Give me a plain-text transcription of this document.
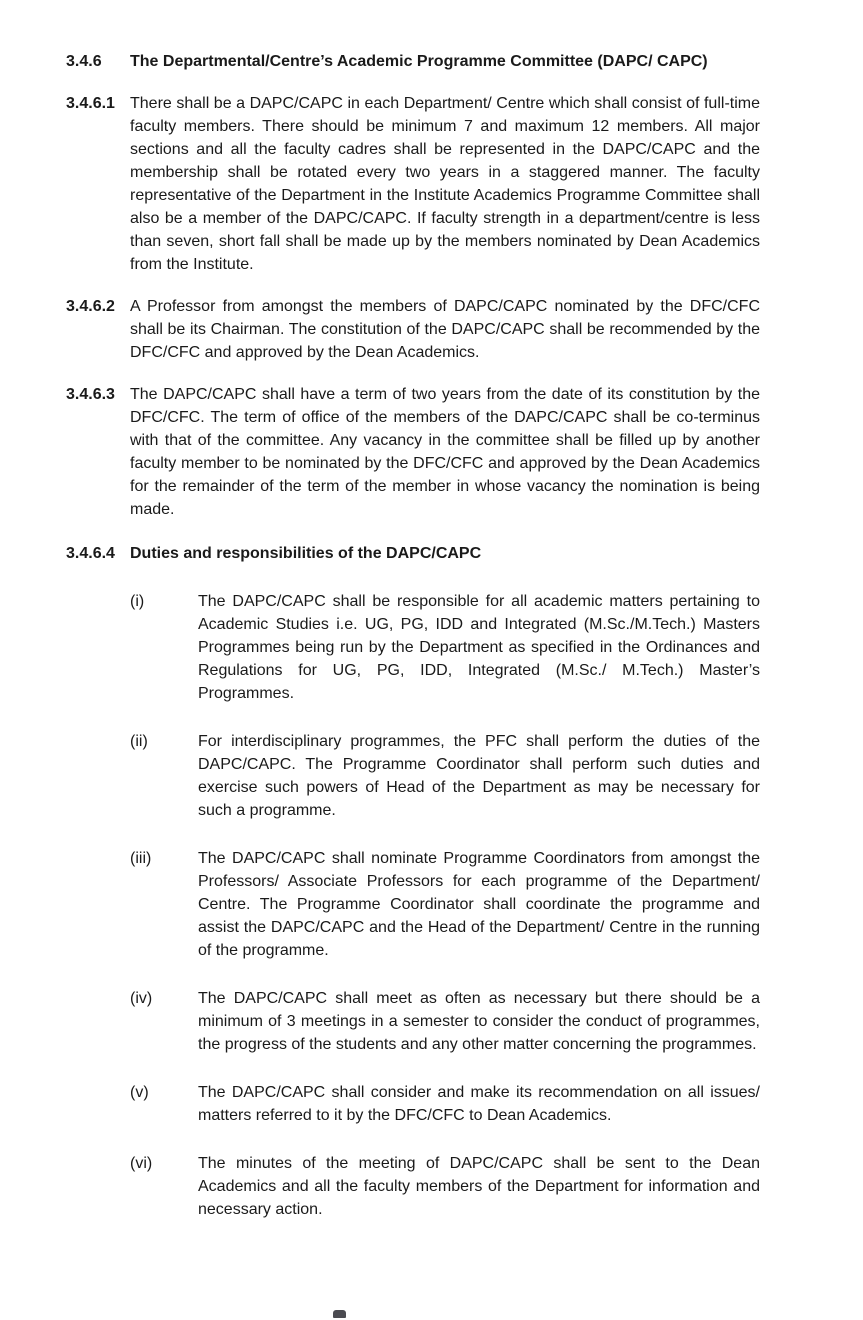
3.4.6	The Departmental/Centre’s Academic Programme Committee (DAPC/ CAPC)
3.4.6.1 There shall be a DAPC/CAPC in each Department/ Centre which shall consist of full-time faculty members. There should be minimum 7 and maximum 12 members. All major sections and all the faculty cadres shall be represented in the DAPC/CAPC and the membership shall be rotated every two years in a staggered manner. The faculty representative of the Department in the Institute Academics Programme Committee shall also be a member of the DAPC/CAPC. If faculty strength in a department/centre is less than seven, short fall shall be made up by the members nominated by Dean Academics from the Institute.
3.4.6.2 A Professor from amongst the members of DAPC/CAPC nominated by the DFC/CFC shall be its Chairman. The constitution of the DAPC/CAPC shall be recommended by the DFC/CFC and approved by the Dean Academics.
3.4.6.3 The DAPC/CAPC shall have a term of two years from the date of its constitution by the DFC/CFC. The term of office of the members of the DAPC/CAPC shall be co-terminus with that of the committee. Any vacancy in the committee shall be filled up by another faculty member to be nominated by the DFC/CFC and approved by the Dean Academics for the remainder of the term of the member in whose vacancy the nomination is being made.
3.4.6.4 Duties and responsibilities of the DAPC/CAPC
(i)	The DAPC/CAPC shall be responsible for all academic matters pertaining to Academic Studies i.e. UG, PG, IDD and Integrated (M.Sc./M.Tech.) Masters Programmes being run by the Department as specified in the Ordinances and Regulations for UG, PG, IDD, Integrated (M.Sc./ M.Tech.) Master’s Programmes.
(ii)	For interdisciplinary programmes, the PFC shall perform the duties of the DAPC/CAPC. The Programme Coordinator shall perform such duties and exercise such powers of Head of the Department as may be necessary for such a programme.
(iii)	The DAPC/CAPC shall nominate Programme Coordinators from amongst the Professors/ Associate Professors for each programme of the Department/ Centre. The Programme Coordinator shall coordinate the programme and assist the DAPC/CAPC and the Head of the Department/ Centre in the running of the programme.
(iv)	The DAPC/CAPC shall meet as often as necessary but there should be a minimum of 3 meetings in a semester to consider the conduct of programmes, the progress of the students and any other matter concerning the programmes.
(v)	The DAPC/CAPC shall consider and make its recommendation on all issues/ matters referred to it by the DFC/CFC to Dean Academics.
(vi)	The minutes of the meeting of DAPC/CAPC shall be sent to the Dean Academics and all the faculty members of the Department for information and necessary action.
